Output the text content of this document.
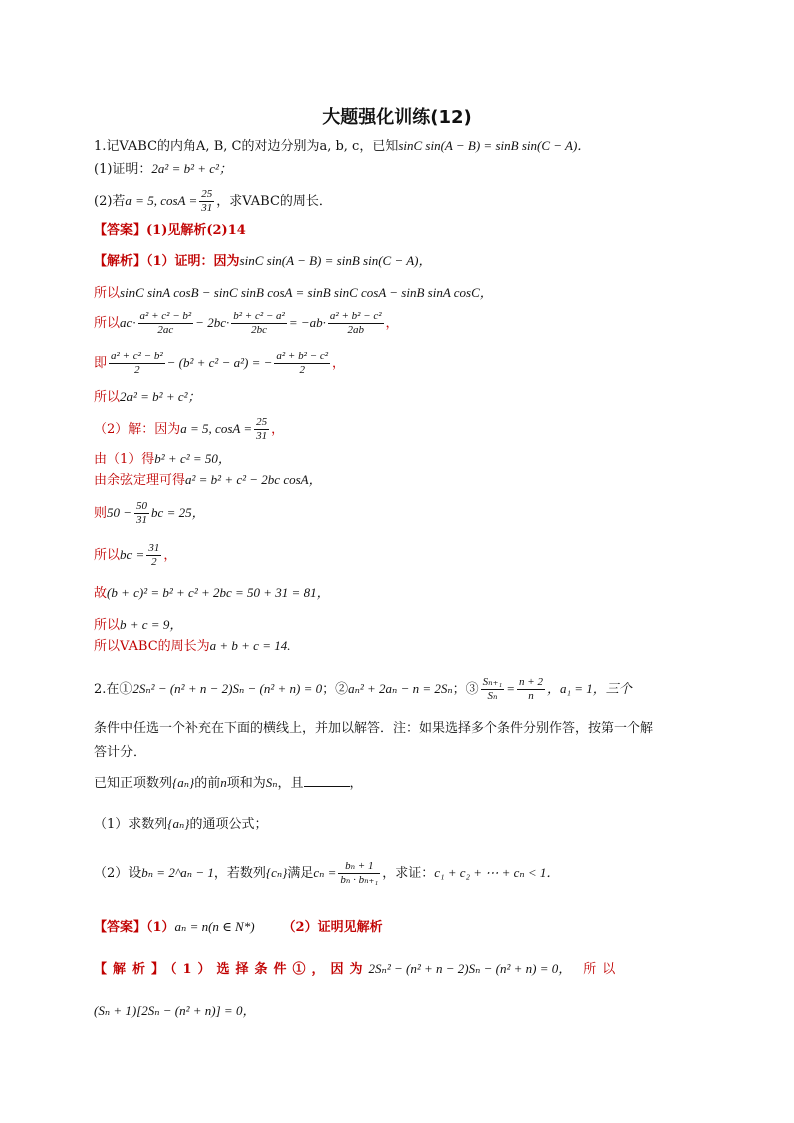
大题强化训练(12)
1.记VABC的内角A, B, C的对边分别为a, b, c，已知sinC sin(A − B) = sinB sin(C − A)．
(1)证明：2a² = b² + c²；
(2)若a = 5, $\cos A = \frac{25}{31}$ ，求VABC的周长．
【答案】(1)见解析(2)14
【解析】（1）证明：因为sinC sin(A − B) = sinB sin(C − A)，
所以sinC sinA cosB − sinC sinB cosA = sinB sinC cosA − sinB sinA cosC，
所以$ac\cdot \frac{\text{a² + c² − b²}}{2ac} - 2bc\cdot \frac{\text{b² + c² − a²}}{2bc} = -ab\cdot \frac{\text{a² + b² − c²}}{2ab}$ ，
即 $\frac{\text{a² + c² − b²}}{2} - (b^2 + c^2 - a^2)$ = − $\frac{\text{a² + b² − c²}}{2}$ ，
所以2a² = b² + c²；
（2）解：因为a = 5, $\cos A = \frac{25}{31}$ ，
由（1）得b² + c² = 50，
由余弦定理可得a² = b² + c² − 2bc cosA，
则$50 - \frac{50}{31}$ bc = 25，
所以bc = $\frac{31}{2}$ ，
故(b + c)² = b² + c² + 2bc = 50 + 31 = 81，
所以b + c = 9，
所以VABC的周长为a + b + c = 14.
2.在①2Sₙ² − (n² + n − 2)Sₙ − (n² + n) = 0；②aₙ² + 2aₙ − n = 2Sₙ；③ $\frac{\text{Sₙ₊₁}}{\text{Sₙ}} = \frac{n + 2}{n}$ ，a₁ = 1，三个
条件中任选一个补充在下面的横线上，并加以解答．注：如果选择多个条件分别作答，按第一个解
答计分．
已知正项数列{aₙ}的前n项和为Sₙ，且	，
（1）求数列{aₙ}的通项公式；
（2）设bₙ = 2^aₙ − 1，若数列{cₙ}满足$c_n = \frac{\text{bₙ + 1}}{\text{bₙ · bₙ₊₁}}$ ，求证：c₁ + c₂ + ⋯ + cₙ < 1．
【答案】（1）aₙ = n(n ∈ N*) （2）证明见解析
【解析】（1）选择条件①，因为2Sₙ² − (n² + n − 2)Sₙ − (n² + n) = 0， 所以
(Sₙ + 1)[2Sₙ − (n² + n)] = 0，
